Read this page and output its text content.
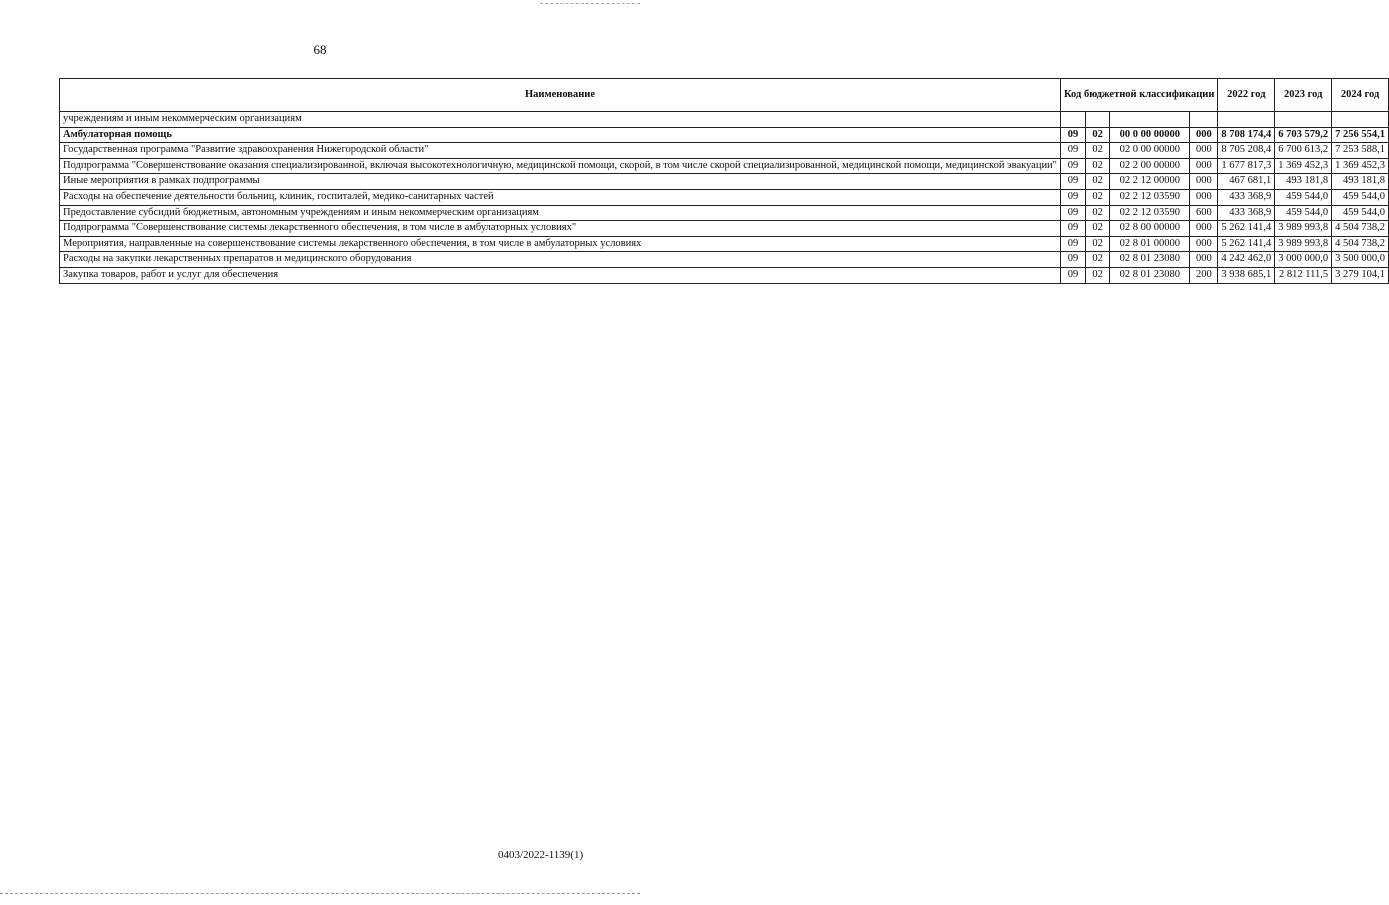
68
Наименование	Код бюджетной классификации				2022 год	2023 год	2024 год
учреждениям и иным некоммерческим организациям							
Амбулаторная помощь	09	02	00 0 00 00000	000	8 708 174,4	6 703 579,2	7 256 554,1
Государственная программа "Развитие здравоохранения Нижегородской области"	09	02	02 0 00 00000	000	8 705 208,4	6 700 613,2	7 253 588,1
Подпрограмма "Совершенствование оказания специализированной, включая высокотехнологичную, медицинской помощи, скорой, в том числе скорой специализированной, медицинской помощи, медицинской эвакуации"	09	02	02 2 00 00000	000	1 677 817,3	1 369 452,3	1 369 452,3
Иные мероприятия в рамках подпрограммы	09	02	02 2 12 00000	000	467 681,1	493 181,8	493 181,8
Расходы на обеспечение деятельности больниц, клиник, госпиталей, медико-санитарных частей	09	02	02 2 12 03590	000	433 368,9	459 544,0	459 544,0
Предоставление субсидий бюджетным, автономным учреждениям и иным некоммерческим организациям	09	02	02 2 12 03590	600	433 368,9	459 544,0	459 544,0
Подпрограмма "Совершенствование системы лекарственного обеспечения, в том числе в амбулаторных условиях"	09	02	02 8 00 00000	000	5 262 141,4	3 989 993,8	4 504 738,2
Мероприятия, направленные на совершенствование системы лекарственного обеспечения, в том числе в амбулаторных условиях	09	02	02 8 01 00000	000	5 262 141,4	3 989 993,8	4 504 738,2
Расходы на закупки лекарственных препаратов и медицинского оборудования	09	02	02 8 01 23080	000	4 242 462,0	3 000 000,0	3 500 000,0
Закупка товаров, работ и услуг для обеспечения	09	02	02 8 01 23080	200	3 938 685,1	2 812 111,5	3 279 104,1
0403/2022-1139(1)
